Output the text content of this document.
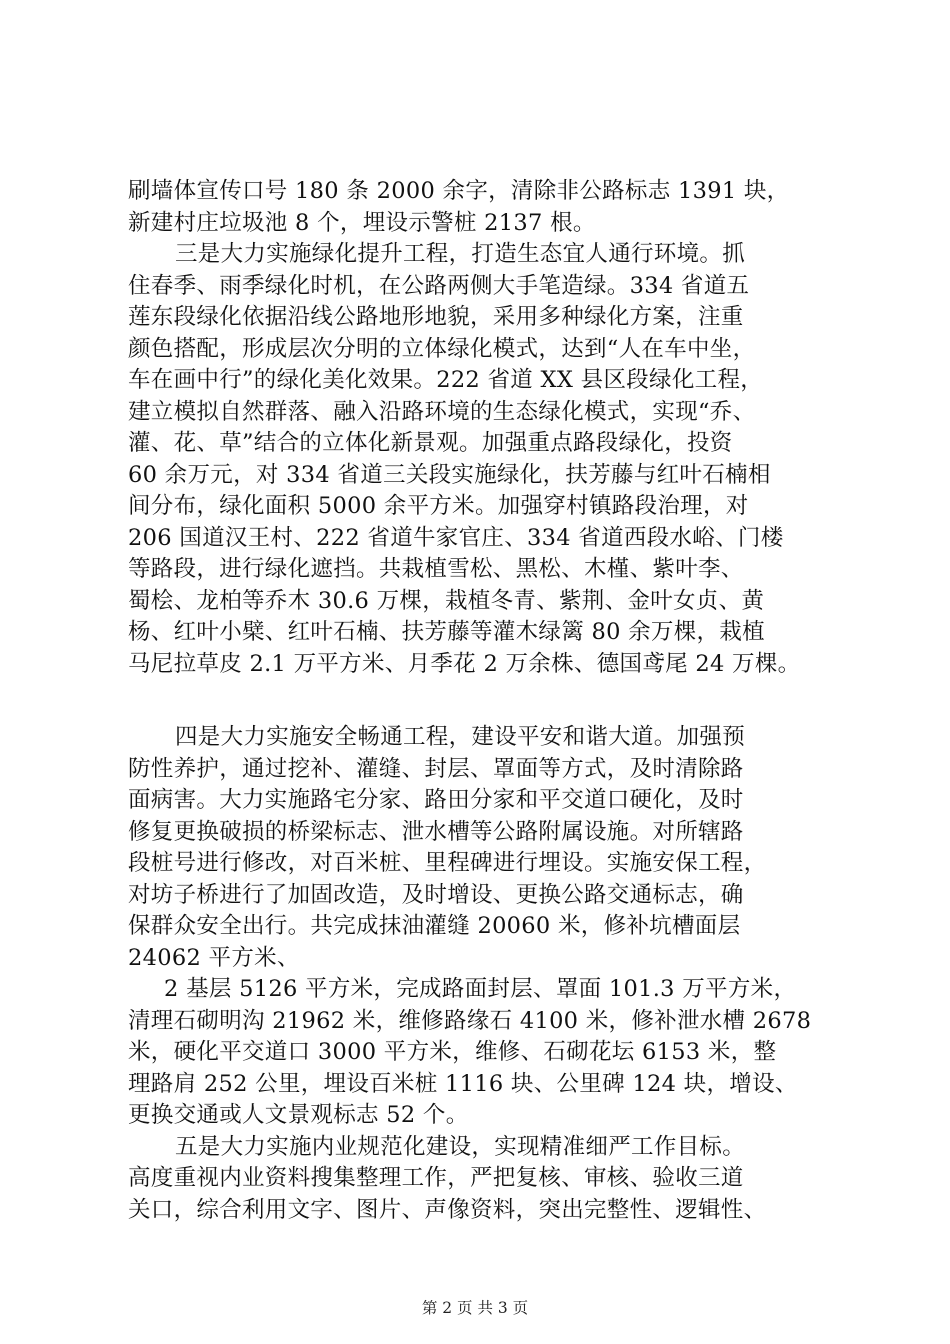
刷墙体宣传口号 180 条 2000 余字，清除非公路标志 1391 块，
新建村庄垃圾池 8 个，埋设示警桩 2137 根。
三是大力实施绿化提升工程，打造生态宜人通行环境。抓
住春季、雨季绿化时机，在公路两侧大手笔造绿。334 省道五
莲东段绿化依据沿线公路地形地貌，采用多种绿化方案，注重
颜色搭配，形成层次分明的立体绿化模式，达到“人在车中坐，
车在画中行”的绿化美化效果。222 省道 XX 县区段绿化工程，
建立模拟自然群落、融入沿路环境的生态绿化模式，实现“乔、
灌、花、草”结合的立体化新景观。加强重点路段绿化，投资
60 余万元，对 334 省道三关段实施绿化，扶芳藤与红叶石楠相
间分布，绿化面积 5000 余平方米。加强穿村镇路段治理，对
206 国道汉王村、222 省道牛家官庄、334 省道西段水峪、门楼
等路段，进行绿化遮挡。共栽植雪松、黑松、木槿、紫叶李、
蜀桧、龙柏等乔木 30.6 万棵，栽植冬青、紫荆、金叶女贞、黄
杨、红叶小檗、红叶石楠、扶芳藤等灌木绿篱 80 余万棵，栽植
马尼拉草皮 2.1 万平方米、月季花 2 万余株、德国鸢尾 24 万棵。
四是大力实施安全畅通工程，建设平安和谐大道。加强预
防性养护，通过挖补、灌缝、封层、罩面等方式，及时清除路
面病害。大力实施路宅分家、路田分家和平交道口硬化，及时
修复更换破损的桥梁标志、泄水槽等公路附属设施。对所辖路
段桩号进行修改，对百米桩、里程碑进行埋设。实施安保工程，
对坊子桥进行了加固改造，及时增设、更换公路交通标志，确
保群众安全出行。共完成抹油灌缝 20060 米，修补坑槽面层
24062 平方米、
2 基层 5126 平方米，完成路面封层、罩面 101.3 万平方米，
清理石砌明沟 21962 米，维修路缘石 4100 米，修补泄水槽 2678
米，硬化平交道口 3000 平方米，维修、石砌花坛 6153 米，整
理路肩 252 公里，埋设百米桩 1116 块、公里碑 124 块，增设、
更换交通或人文景观标志 52 个。
五是大力实施内业规范化建设，实现精准细严工作目标。
高度重视内业资料搜集整理工作，严把复核、审核、验收三道
关口，综合利用文字、图片、声像资料，突出完整性、逻辑性、
第 2 页 共 3 页
